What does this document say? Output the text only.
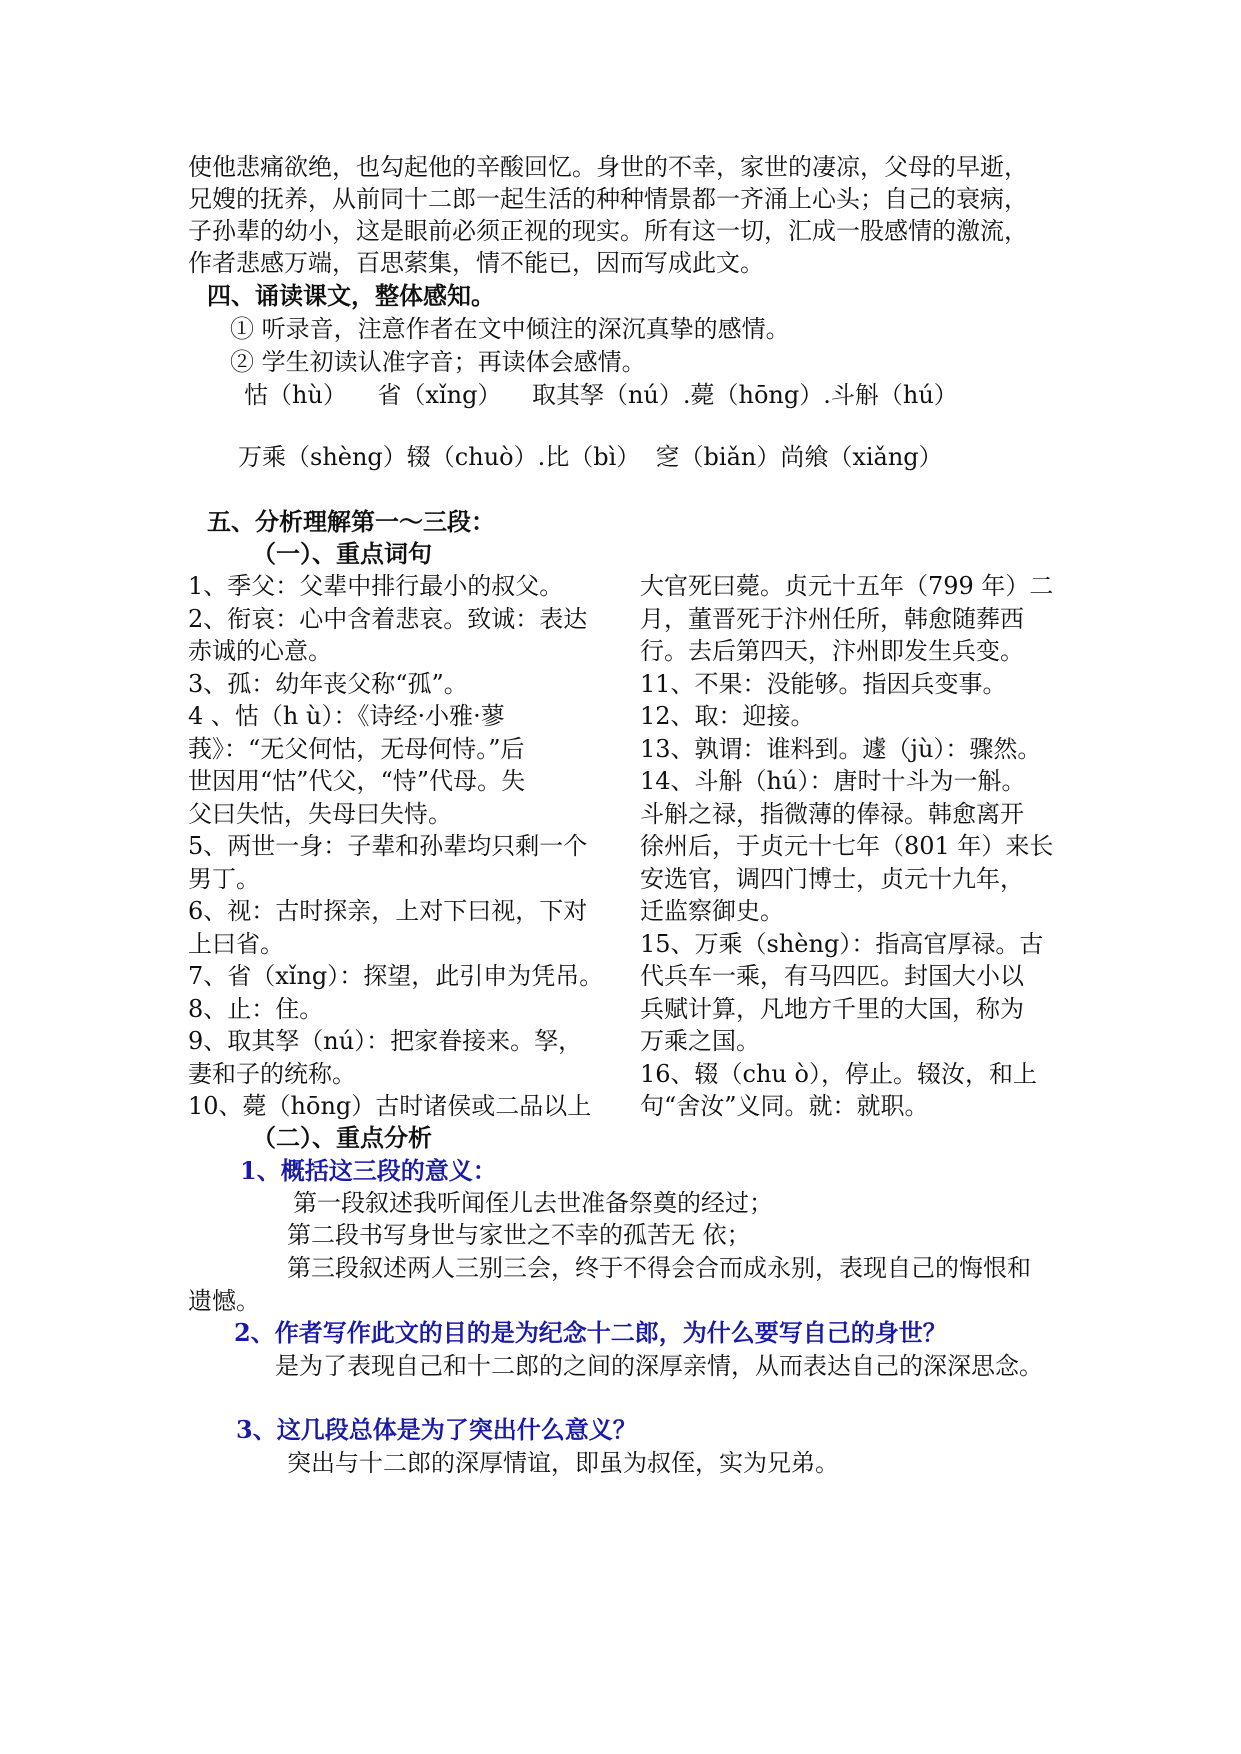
使他悲痛欲绝，也勾起他的辛酸回忆。身世的不幸，家世的凄凉，父母的早逝，
兄嫂的抚养，从前同十二郎一起生活的种种情景都一齐涌上心头；自己的衰病，
子孙辈的幼小，这是眼前必须正视的现实。所有这一切，汇成一股感情的激流，
作者悲感万端，百思萦集，情不能已，因而写成此文。
四、诵读课文，整体感知。
① 听录音，注意作者在文中倾注的深沉真挚的感情。
② 学生初读认准字音；再读体会感情。
怙（hù）    省（xǐng）    取其孥（nú）.薨（hōng）.斗斛（hú）
万乘（shèng）辍（chuò）.比（bì）  窆（biǎn）尚飨（xiǎng）
五、分析理解第一～三段：
（一）、重点词句
1、季父：父辈中排行最小的叔父。
2、衔哀：心中含着悲哀。致诚：表达
赤诚的心意。
3、孤：幼年丧父称“孤”。
4 、怙（h ù）：《诗经·小雅·蓼
莪》：“无父何怙，无母何恃。”后
世因用“怙”代父，“恃”代母。失
父曰失怙，失母曰失恃。
5、两世一身：子辈和孙辈均只剩一个
男丁。
6、视：古时探亲，上对下曰视，下对
上曰省。
7、省（xǐng）：探望，此引申为凭吊。
8、止：住。
9、取其孥（nú）：把家眷接来。孥，
妻和子的统称。
10、薨（hōng）古时诸侯或二品以上
大官死曰薨。贞元十五年（799 年）二
月，董晋死于汴州任所，韩愈随葬西
行。去后第四天，汴州即发生兵变。
11、不果：没能够。指因兵变事。
12、取：迎接。
13、孰谓：谁料到。遽（jù）：骤然。
14、斗斛（hú）：唐时十斗为一斛。
斗斛之禄，指微薄的俸禄。韩愈离开
徐州后，于贞元十七年（801 年）来长
安选官，调四门博士，贞元十九年，
迁监察御史。
15、万乘（shèng）：指高官厚禄。古
代兵车一乘，有马四匹。封国大小以
兵赋计算，凡地方千里的大国，称为
万乘之国。
16、辍（chu ò），停止。辍汝，和上
句“舍汝”义同。就：就职。
（二）、重点分析
1、概括这三段的意义：
第一段叙述我听闻侄儿去世准备祭奠的经过；
第二段书写身世与家世之不幸的孤苦无 依；
第三段叙述两人三别三会，终于不得会合而成永别，表现自己的悔恨和
遗憾。
2、作者写作此文的目的是为纪念十二郎，为什么要写自己的身世？
是为了表现自己和十二郎的之间的深厚亲情，从而表达自己的深深思念。
3、这几段总体是为了突出什么意义？
突出与十二郎的深厚情谊，即虽为叔侄，实为兄弟。
